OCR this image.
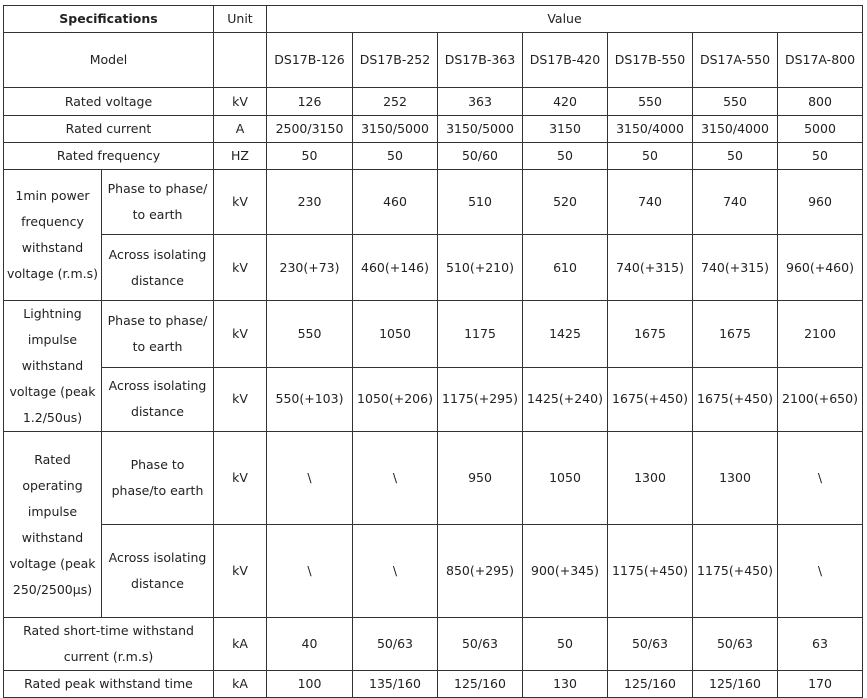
Specifications		Unit	Value						
Model			DS17B-126	DS17B-252	DS17B-363	DS17B-420	DS17B-550	DS17A-550	DS17A-800
Rated voltage		kV	126	252	363	420	550	550	800
Rated current		A	2500/3150	3150/5000	3150/5000	3150	3150/4000	3150/4000	5000
Rated frequency		HZ	50	50	50/60	50	50	50	50
1min power frequency withstand voltage (r.m.s)	Phase to phase/ to earth	kV	230	460	510	520	740	740	960
	Across isolating distance	kV	230(+73)	460(+146)	510(+210)	610	740(+315)	740(+315)	960(+460)
Lightning impulse withstand voltage (peak 1.2/50us)	Phase to phase/ to earth	kV	550	1050	1175	1425	1675	1675	2100
	Across isolating distance	kV	550(+103)	1050(+206)	1175(+295)	1425(+240)	1675(+450)	1675(+450)	2100(+650)
Rated operating impulse withstand voltage (peak 250/2500μs)	Phase to phase/to earth	kV	\	\	950	1050	1300	1300	\
	Across isolating distance	kV	\	\	850(+295)	900(+345)	1175(+450)	1175(+450)	\
Rated short-time withstand current (r.m.s)		kA	40	50/63	50/63	50	50/63	50/63	63
Rated peak withstand time		kA	100	135/160	125/160	130	125/160	125/160	170
